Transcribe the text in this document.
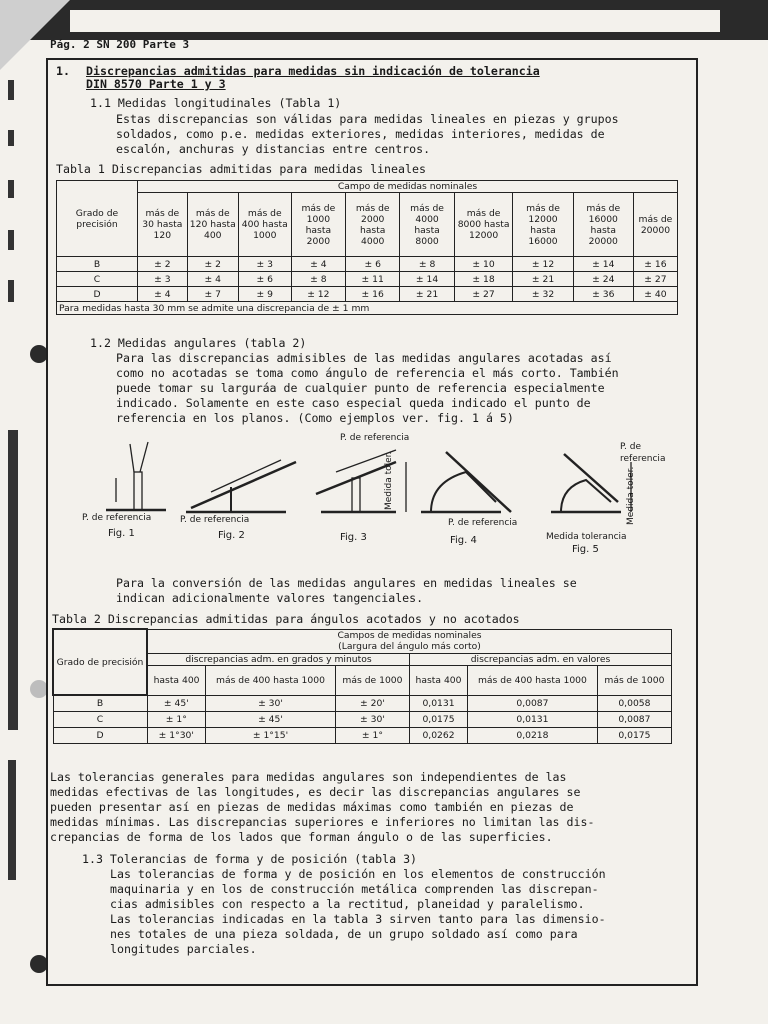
Pág. 2 SN 200 Parte 3
1. Discrepancias admitidas para medidas sin indicación de tolerancia
DIN 8570 Parte 1 y 3
1.1 Medidas longitudinales (Tabla 1)
Estas discrepancias son válidas para medidas lineales en piezas y grupos
soldados, como p.e. medidas exteriores, medidas interiores, medidas de
escalón, anchuras y distancias entre centros.
Tabla 1 Discrepancias admitidas para medidas lineales
Grado de precisión	Campo de medidas nominales									
	más de 30 hasta 120	más de 120 hasta 400	más de 400 hasta 1000	más de 1000 hasta 2000	más de 2000 hasta 4000	más de 4000 hasta 8000	más de 8000 hasta 12000	más de 12000 hasta 16000	más de 16000 hasta 20000	más de 20000
B	± 2	± 2	± 3	± 4	± 6	± 8	± 10	± 12	± 14	± 16
C	± 3	± 4	± 6	± 8	± 11	± 14	± 18	± 21	± 24	± 27
D	± 4	± 7	± 9	± 12	± 16	± 21	± 27	± 32	± 36	± 40
Para medidas hasta 30 mm se admite una discrepancia de ± 1 mm										
1.2 Medidas angulares (tabla 2)
Para las discrepancias admisibles de las medidas angulares acotadas así
como no acotadas se toma como ángulo de referencia el más corto. También
puede tomar su larguráa de cualquier punto de referencia especialmente
indicado. Solamente en este caso especial queda indicado el punto de
referencia en los planos. (Como ejemplos ver. fig. 1 á 5)
P. de referencia	P. de referencia
P. de referencia
P. de referencia
P. de
referencia
Medida tolerancia
Medida toler.	Medida toler.
Fig. 1	Fig. 2	Fig. 3	Fig. 4
Fig. 5
Para la conversión de las medidas angulares en medidas lineales se
indican adicionalmente valores tangenciales.
Tabla 2 Discrepancias admitidas para ángulos acotados y no acotados
Grado de precisión	Campos de medidas nominales
(Largura del ángulo más corto)					

	discrepancias adm. en grados y minutos			discrepancias adm. en valores		
	hasta 400	más de 400 hasta 1000	más de 1000	hasta 400	más de 400 hasta 1000	más de 1000
B	± 45'	± 30'	± 20'	0,0131	0,0087	0,0058
C	± 1°	± 45'	± 30'	0,0175	0,0131	0,0087
D	± 1°30'	± 1°15'	± 1°	0,0262	0,0218	0,0175
Las tolerancias generales para medidas angulares son independientes de las
medidas efectivas de las longitudes, es decir las discrepancias angulares se
pueden presentar así en piezas de medidas máximas como también en piezas de
medidas mínimas. Las discrepancias superiores e inferiores no limitan las dis-
crepancias de forma de los lados que forman ángulo o de las superficies.
1.3 Tolerancias de forma y de posición (tabla 3)
Las tolerancias de forma y de posición en los elementos de construcción
maquinaria y en los de construcción metálica comprenden las discrepan-
cias admisibles con respecto a la rectitud, planeidad y paralelismo.
Las tolerancias indicadas en la tabla 3 sirven tanto para las dimensio-
nes totales de una pieza soldada, de un grupo soldado así como para
longitudes parciales.
